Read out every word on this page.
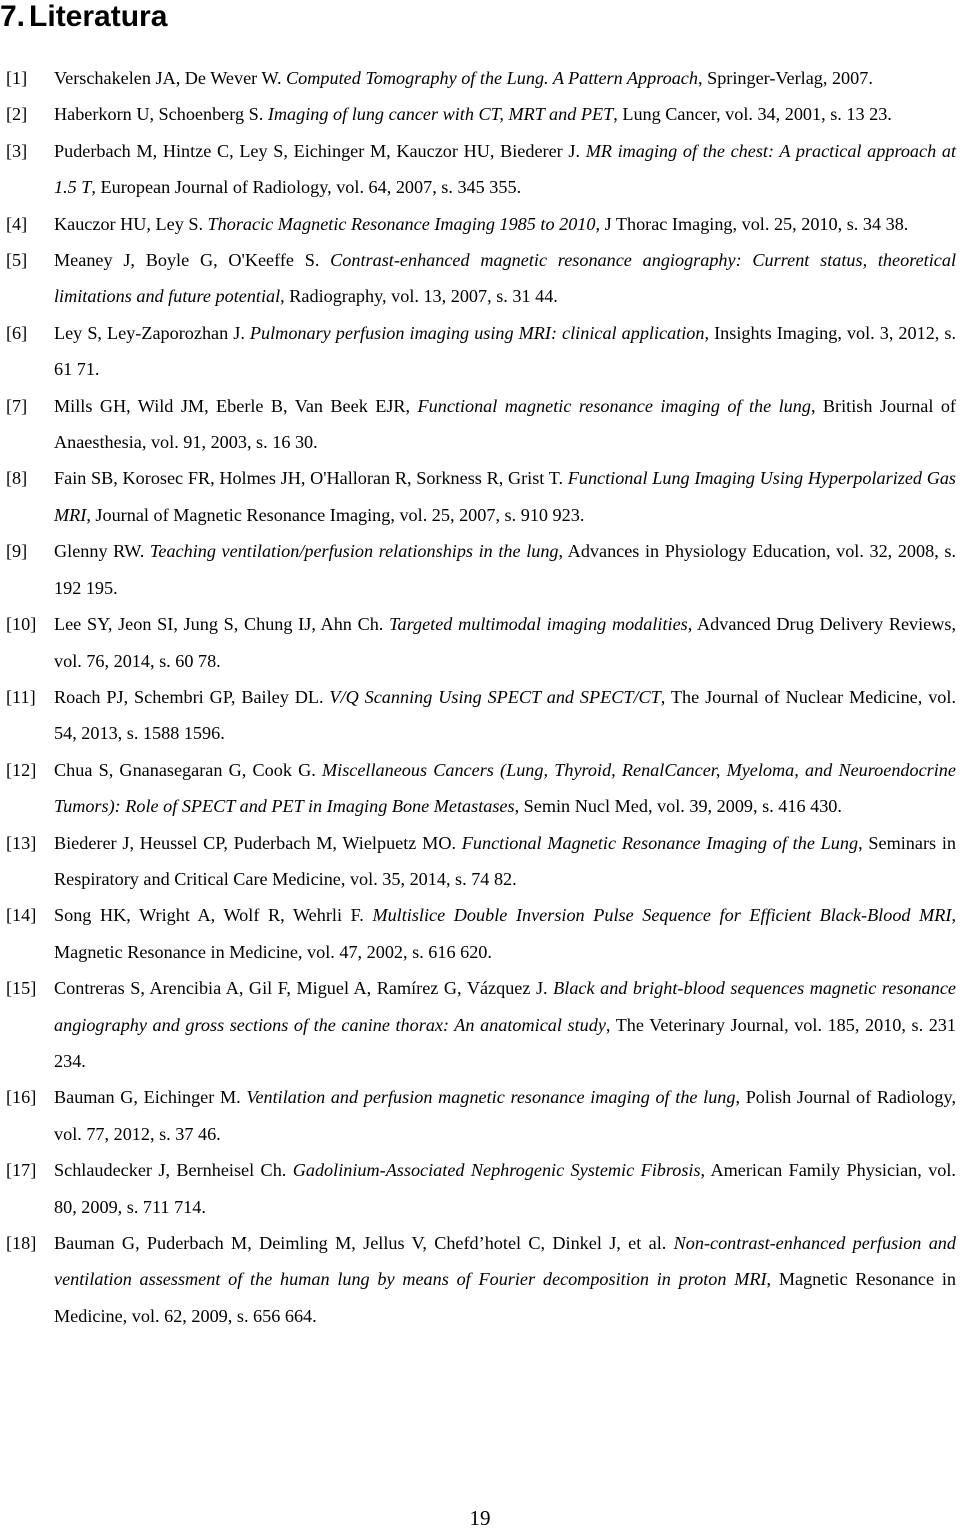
7. Literatura
[1] Verschakelen JA, De Wever W. Computed Tomography of the Lung. A Pattern Approach, Springer-Verlag, 2007.
[2] Haberkorn U, Schoenberg S. Imaging of lung cancer with CT, MRT and PET, Lung Cancer, vol. 34, 2001, s. 13 23.
[3] Puderbach M, Hintze C, Ley S, Eichinger M, Kauczor HU, Biederer J. MR imaging of the chest: A practical approach at 1.5 T, European Journal of Radiology, vol. 64, 2007, s. 345 355.
[4] Kauczor HU, Ley S. Thoracic Magnetic Resonance Imaging 1985 to 2010, J Thorac Imaging, vol. 25, 2010, s. 34 38.
[5] Meaney J, Boyle G, O'Keeffe S. Contrast-enhanced magnetic resonance angiography: Current status, theoretical limitations and future potential, Radiography, vol. 13, 2007, s. 31 44.
[6] Ley S, Ley-Zaporozhan J. Pulmonary perfusion imaging using MRI: clinical application, Insights Imaging, vol. 3, 2012, s. 61 71.
[7] Mills GH, Wild JM, Eberle B, Van Beek EJR, Functional magnetic resonance imaging of the lung, British Journal of Anaesthesia, vol. 91, 2003, s. 16 30.
[8] Fain SB, Korosec FR, Holmes JH, O'Halloran R, Sorkness R, Grist T. Functional Lung Imaging Using Hyperpolarized Gas MRI, Journal of Magnetic Resonance Imaging, vol. 25, 2007, s. 910 923.
[9] Glenny RW. Teaching ventilation/perfusion relationships in the lung, Advances in Physiology Education, vol. 32, 2008, s. 192 195.
[10] Lee SY, Jeon SI, Jung S, Chung IJ, Ahn Ch. Targeted multimodal imaging modalities, Advanced Drug Delivery Reviews, vol. 76, 2014, s. 60 78.
[11] Roach PJ, Schembri GP, Bailey DL. V/Q Scanning Using SPECT and SPECT/CT, The Journal of Nuclear Medicine, vol. 54, 2013, s. 1588 1596.
[12] Chua S, Gnanasegaran G, Cook G. Miscellaneous Cancers (Lung, Thyroid, RenalCancer, Myeloma, and Neuroendocrine Tumors): Role of SPECT and PET in Imaging Bone Metastases, Semin Nucl Med, vol. 39, 2009, s. 416 430.
[13] Biederer J, Heussel CP, Puderbach M, Wielpuetz MO. Functional Magnetic Resonance Imaging of the Lung, Seminars in Respiratory and Critical Care Medicine, vol. 35, 2014, s. 74 82.
[14] Song HK, Wright A, Wolf R, Wehrli F. Multislice Double Inversion Pulse Sequence for Efficient Black-Blood MRI, Magnetic Resonance in Medicine, vol. 47, 2002, s. 616 620.
[15] Contreras S, Arencibia A, Gil F, Miguel A, Ramírez G, Vázquez J. Black and bright-blood sequences magnetic resonance angiography and gross sections of the canine thorax: An anatomical study, The Veterinary Journal, vol. 185, 2010, s. 231 234.
[16] Bauman G, Eichinger M. Ventilation and perfusion magnetic resonance imaging of the lung, Polish Journal of Radiology, vol. 77, 2012, s. 37 46.
[17] Schlaudecker J, Bernheisel Ch. Gadolinium-Associated Nephrogenic Systemic Fibrosis, American Family Physician, vol. 80, 2009, s. 711 714.
[18] Bauman G, Puderbach M, Deimling M, Jellus V, Chefd’hotel C, Dinkel J, et al. Non-contrast-enhanced perfusion and ventilation assessment of the human lung by means of Fourier decomposition in proton MRI, Magnetic Resonance in Medicine, vol. 62, 2009, s. 656 664.
19
